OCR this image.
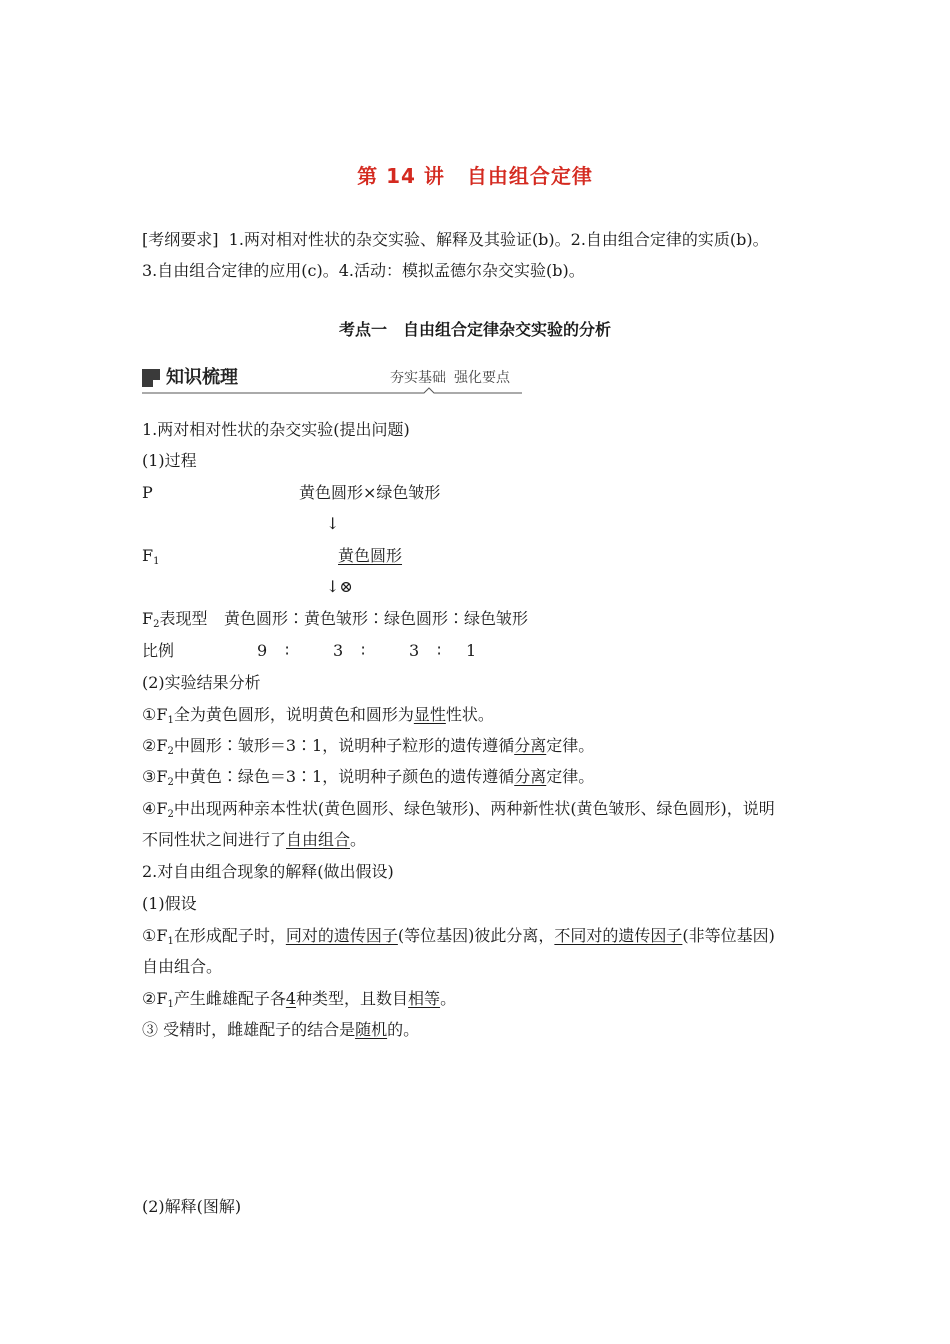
第 14 讲 自由组合定律
[考纲要求] 1.两对相对性状的杂交实验、解释及其验证(b)。2.自由组合定律的实质(b)。
3.自由组合定律的应用(c)。4.活动：模拟孟德尔杂交实验(b)。
考点一 自由组合定律杂交实验的分析
知识梳理	夯实基础 强化要点
1.两对相对性状的杂交实验(提出问题)
(1)过程
P	黄色圆形×绿色皱形
↓
F1	黄色圆形
↓⊗
F2表现型 黄色圆形∶黄色皱形∶绿色圆形∶绿色皱形
比例	9 ∶	3 ∶	3 ∶ 1
(2)实验结果分析
①F1全为黄色圆形，说明黄色和圆形为显性性状。
②F2中圆形∶皱形＝3∶1，说明种子粒形的遗传遵循分离定律。
③F2中黄色∶绿色＝3∶1，说明种子颜色的遗传遵循分离定律。
④F2中出现两种亲本性状(黄色圆形、绿色皱形)、两种新性状(黄色皱形、绿色圆形)，说明
不同性状之间进行了自由组合。
2.对自由组合现象的解释(做出假设)
(1)假设
①F1在形成配子时，同对的遗传因子(等位基因)彼此分离，不同对的遗传因子(非等位基因)
自由组合。
②F1产生雌雄配子各4种类型，且数目相等。
③ 受精时，雌雄配子的结合是随机的。
(2)解释(图解)
